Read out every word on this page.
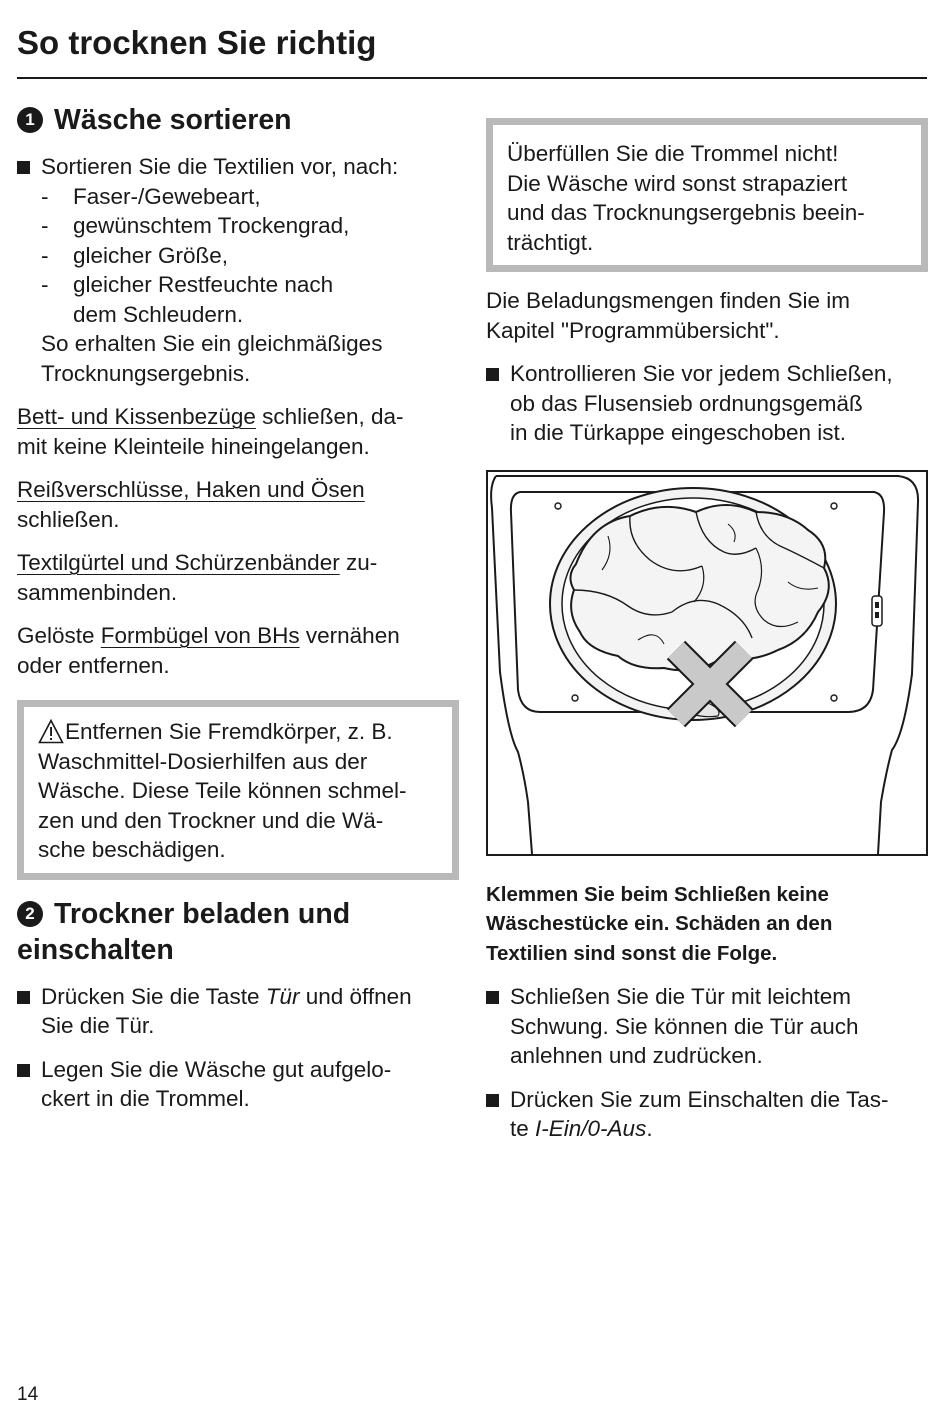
So trocknen Sie richtig
1 Wäsche sortieren
Sortieren Sie die Textilien vor, nach:
-	Faser-/Gewebeart,
-	gewünschtem Trockengrad,
-	gleicher Größe,
-	gleicher Restfeuchte nach
dem Schleudern.
So erhalten Sie ein gleichmäßiges
Trocknungsergebnis.

Bett- und Kissenbezüge schließen, da-
mit keine Kleinteile hineingelangen.

Reißverschlüsse, Haken und Ösen
schließen.

Textilgürtel und Schürzenbänder zu-
sammenbinden.

Gelöste Formbügel von BHs vernähen
oder entfernen.

Entfernen Sie Fremdkörper, z. B.
Waschmittel-Dosierhilfen aus der
Wäsche. Diese Teile können schmel-
zen und den Trockner und die Wä-
sche beschädigen.
2 Trockner beladen und
einschalten
Drücken Sie die Taste Tür und öffnen
Sie die Tür.
Legen Sie die Wäsche gut aufgelo-
ckert in die Trommel.
Überfüllen Sie die Trommel nicht!
Die Wäsche wird sonst strapaziert
und das Trocknungsergebnis beein-
trächtigt.
Die Beladungsmengen finden Sie im
Kapitel "Programmübersicht".
Kontrollieren Sie vor jedem Schließen,
ob das Flusensieb ordnungsgemäß
in die Türkappe eingeschoben ist.
Klemmen Sie beim Schließen keine
Wäschestücke ein. Schäden an den
Textilien sind sonst die Folge.
Schließen Sie die Tür mit leichtem
Schwung. Sie können die Tür auch
anlehnen und zudrücken.
Drücken Sie zum Einschalten die Tas-
te I-Ein/0-Aus.
14
